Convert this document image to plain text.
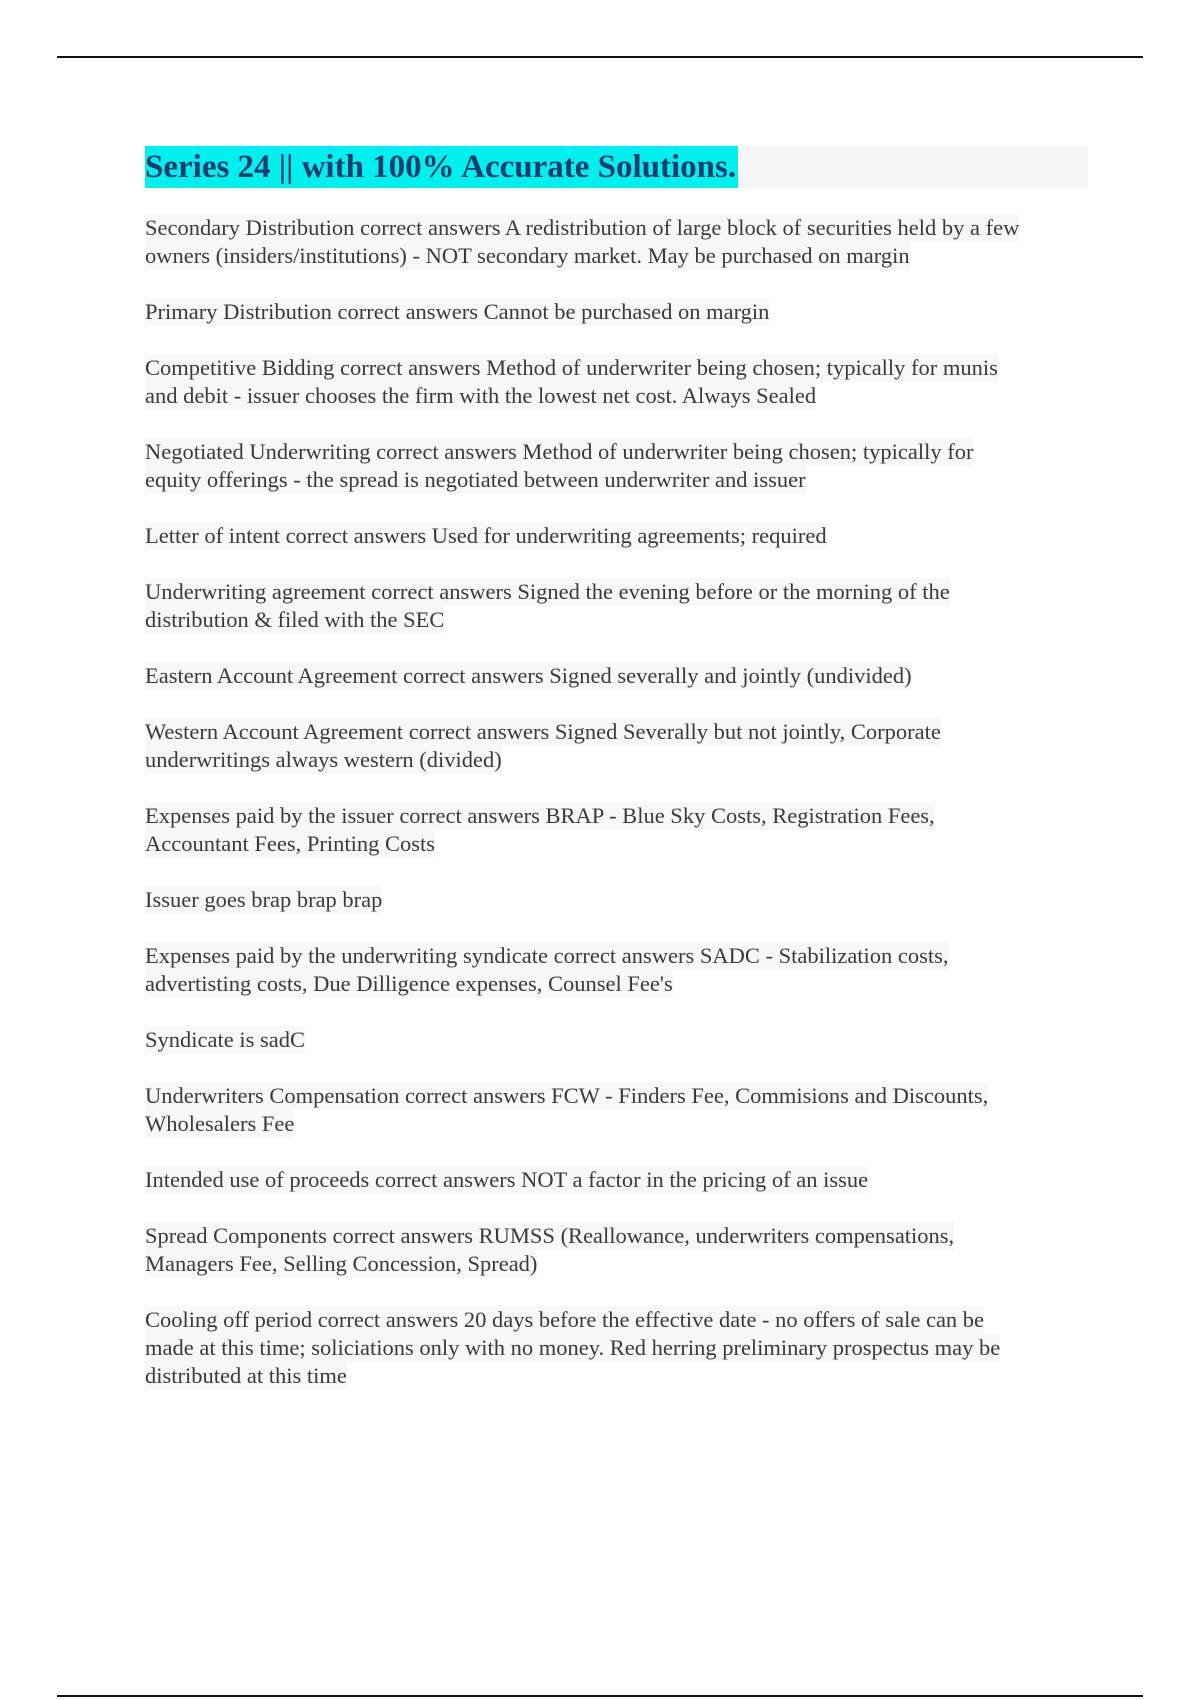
Series 24 || with 100% Accurate Solutions.
Secondary Distribution correct answers A redistribution of large block of securities held by a few
owners (insiders/institutions) - NOT secondary market. May be purchased on margin
Primary Distribution correct answers Cannot be purchased on margin
Competitive Bidding correct answers Method of underwriter being chosen; typically for munis
and debit - issuer chooses the firm with the lowest net cost. Always Sealed
Negotiated Underwriting correct answers Method of underwriter being chosen; typically for
equity offerings - the spread is negotiated between underwriter and issuer
Letter of intent correct answers Used for underwriting agreements; required
Underwriting agreement correct answers Signed the evening before or the morning of the
distribution & filed with the SEC
Eastern Account Agreement correct answers Signed severally and jointly (undivided)
Western Account Agreement correct answers Signed Severally but not jointly, Corporate
underwritings always western (divided)
Expenses paid by the issuer correct answers BRAP - Blue Sky Costs, Registration Fees,
Accountant Fees, Printing Costs
Issuer goes brap brap brap
Expenses paid by the underwriting syndicate correct answers SADC - Stabilization costs,
advertisting costs, Due Dilligence expenses, Counsel Fee's
Syndicate is sadC
Underwriters Compensation correct answers FCW - Finders Fee, Commisions and Discounts,
Wholesalers Fee
Intended use of proceeds correct answers NOT a factor in the pricing of an issue
Spread Components correct answers RUMSS (Reallowance, underwriters compensations,
Managers Fee, Selling Concession, Spread)
Cooling off period correct answers 20 days before the effective date - no offers of sale can be
made at this time; soliciations only with no money. Red herring preliminary prospectus may be
distributed at this time
